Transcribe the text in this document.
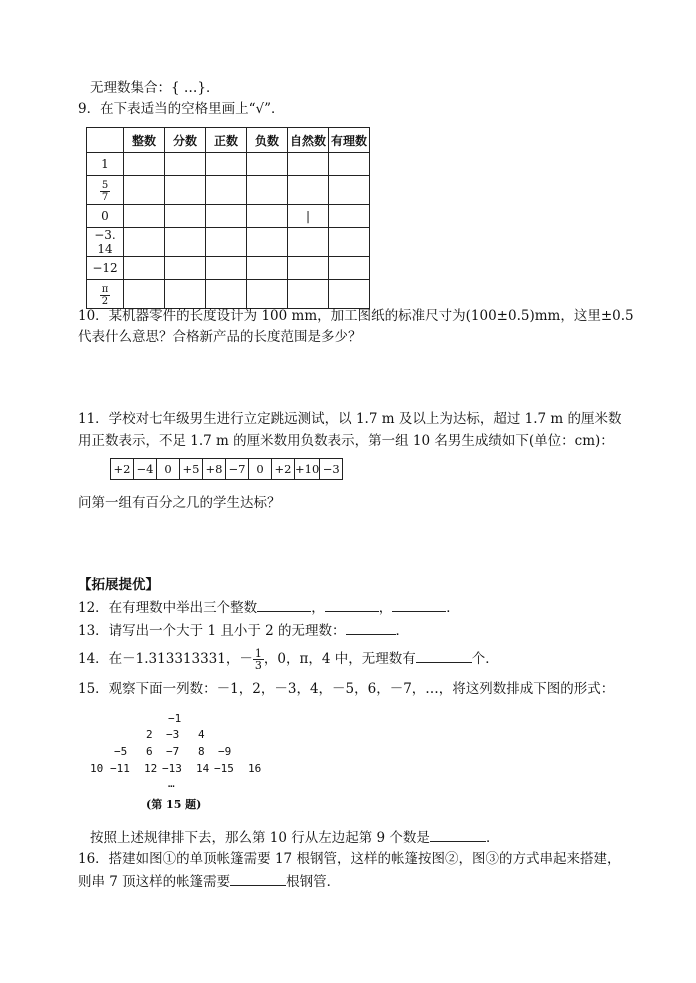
无理数集合：{ …}．
9．在下表适当的空格里画上“√”．
	整数	分数	正数	负数	自然数	有理数
1						

$\frac{5}{7}$

0					|	
−3. 14						
−12						

$\frac{\pi}{2}$

10．某机器零件的长度设计为 100 mm，加工图纸的标准尺寸为(100±0.5)mm，这里±0.5
代表什么意思？合格新产品的长度范围是多少？
11．学校对七年级男生进行立定跳远测试，以 1.7 m 及以上为达标，超过 1.7 m 的厘米数
用正数表示，不足 1.7 m 的厘米数用负数表示，第一组 10 名男生成绩如下(单位：cm)：
+2	−4	0	+5	+8	−7	0	+2	+10	−3
问第一组有百分之几的学生达标？
【拓展提优】
12．在有理数中举出三个整数	，	，	．
13．请写出一个大于 1 且小于 2 的无理数：	．
14．在－1.313313331，－ $\frac{1}{3}$ ，0，π，4 中，无理数有	个．
15．观察下面一列数：－1，2，－3，4，－5，6，－7，…，将这列数排成下图的形式：
−1
2 −3 4
−5 6 −7 8 −9
10 −11 12 −13 14 −15 16
…
(第 15 题)
按照上述规律排下去，那么第 10 行从左边起第 9 个数是	．
16．搭建如图①的单顶帐篷需要 17 根钢管，这样的帐篷按图②，图③的方式串起来搭建，
则串 7 顶这样的帐篷需要	根钢管．
